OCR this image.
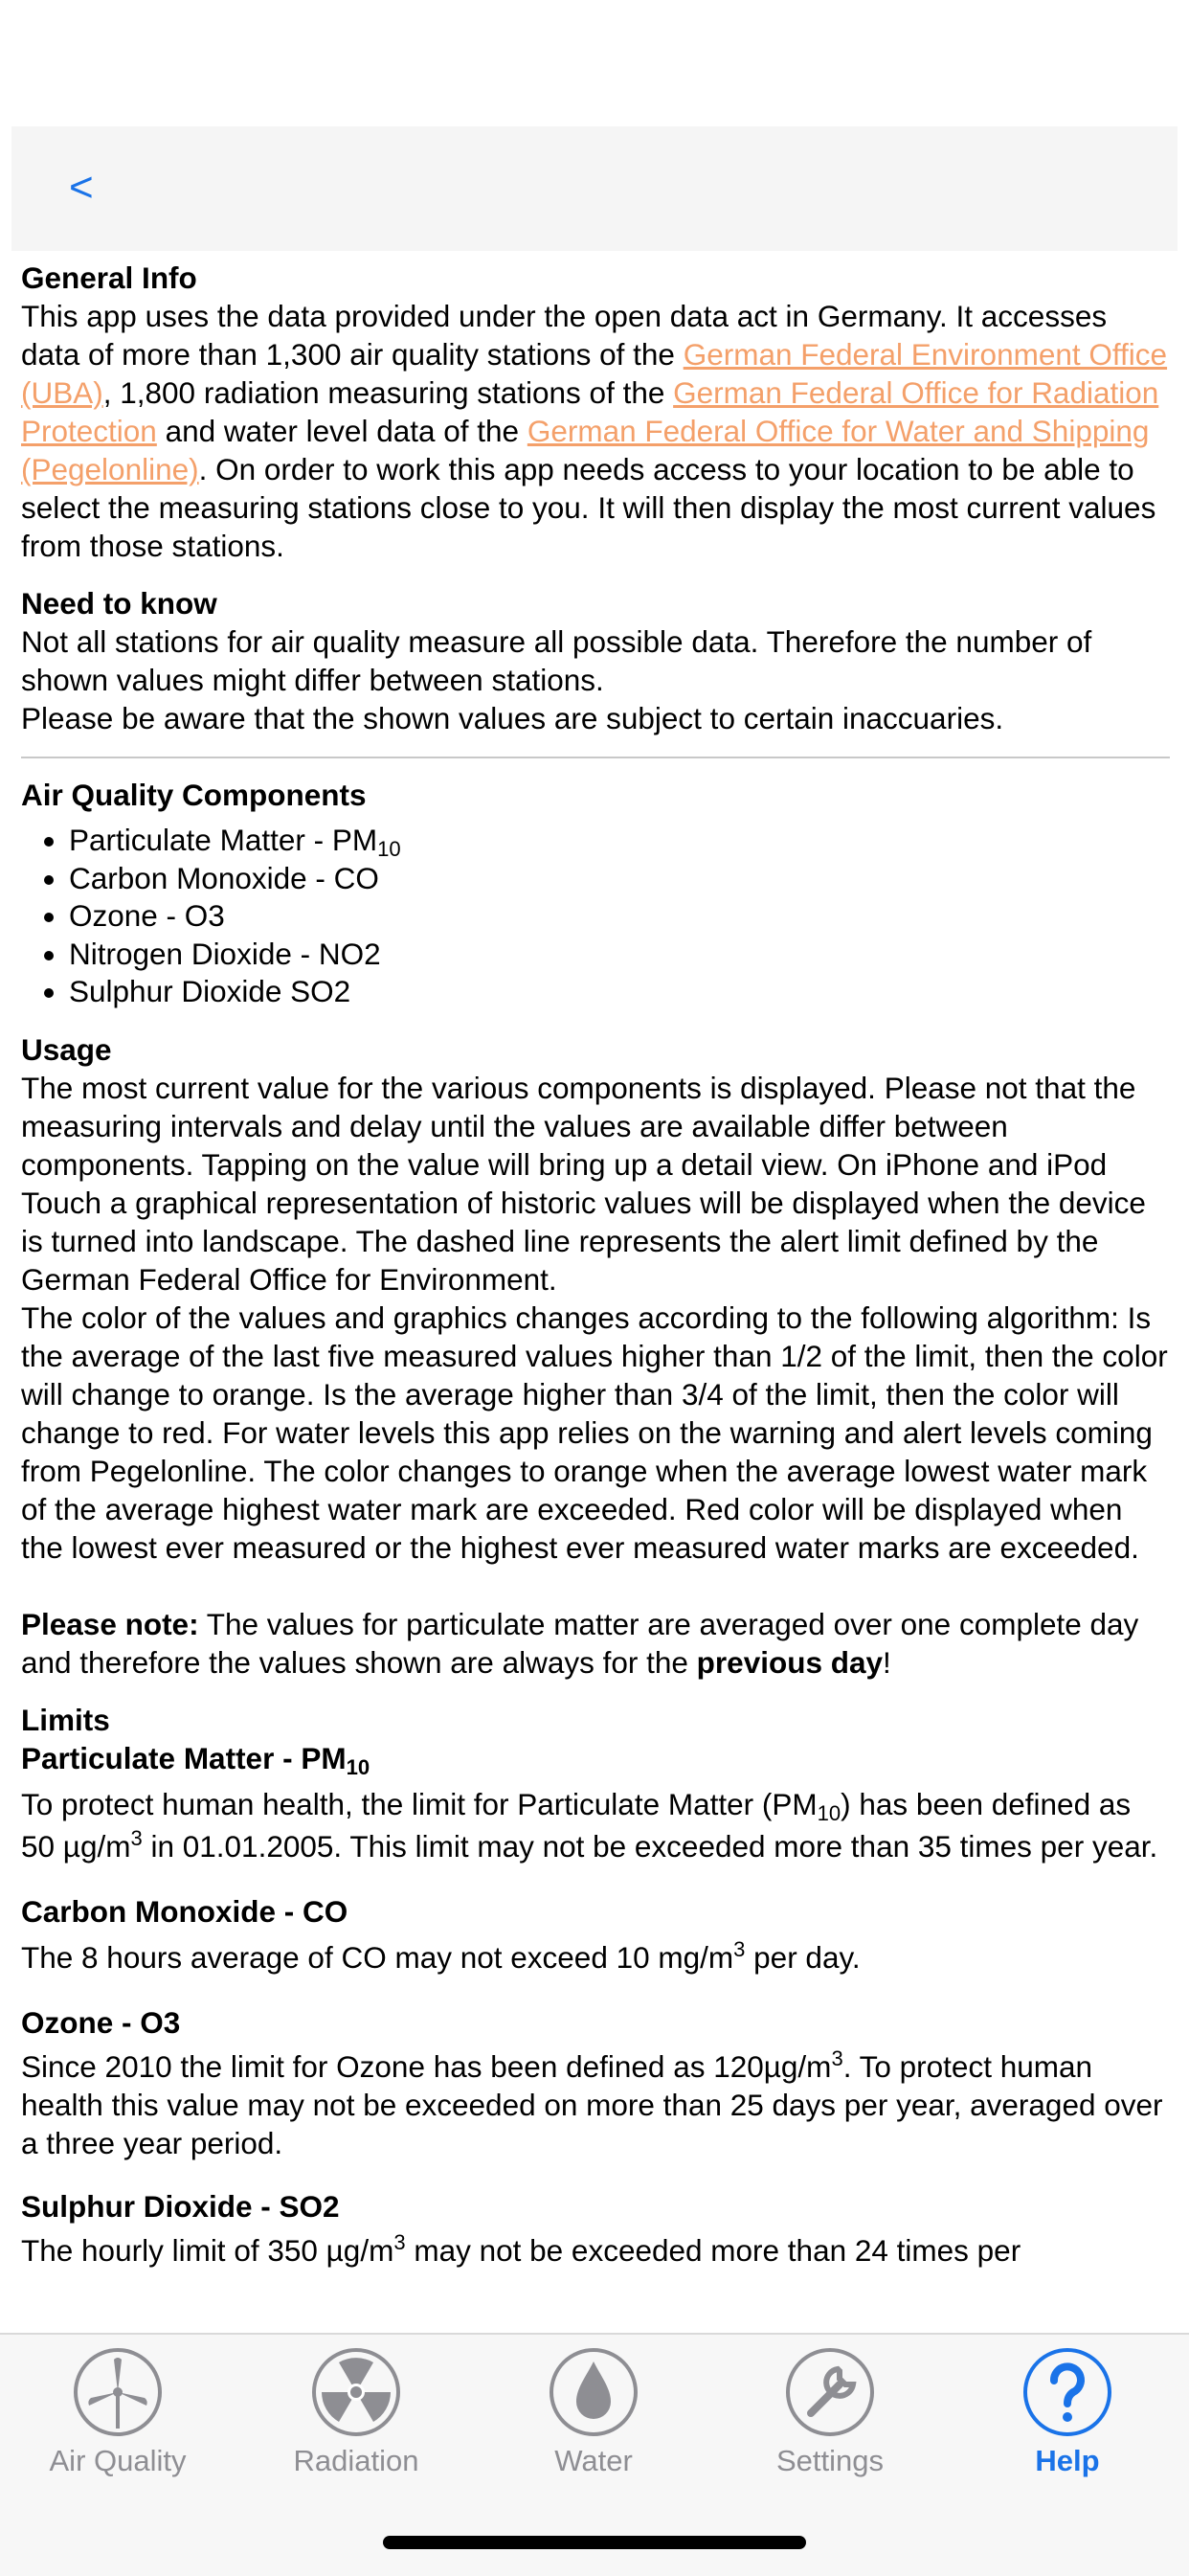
<

General Info

This app uses the data provided under the open data act in Germany. It accesses data of more than 1,300 air quality stations of the German Federal Environment Office (UBA), 1,800 radiation measuring stations of the German Federal Office for Radiation Protection and water level data of the German Federal Office for Water and Shipping (Pegelonline). On order to work this app needs access to your location to be able to select the measuring stations close to you. It will then display the most current values from those stations.

Need to know

Not all stations for air quality measure all possible data. Therefore the number of shown values might differ between stations.

Please be aware that the shown values are subject to certain inaccuaries.

Air Quality Components

• Particulate Matter - $PM_{10}$
• Carbon Monoxide - CO
• Ozone - O3
• Nitrogen Dioxide - NO2
• Sulphur Dioxide SO2

Usage

The most current value for the various components is displayed. Please not that the measuring intervals and delay until the values are available differ between components. Tapping on the value will bring up a detail view. On iPhone and iPod Touch a graphical representation of historic values will be displayed when the device is turned into landscape. The dashed line represents the alert limit defined by the German Federal Office for Environment.

The color of the values and graphics changes according to the following algorithm: Is the average of the last five measured values higher than 1/2 of the limit, then the color will change to orange. Is the average higher than 3/4 of the limit, then the color will change to red. For water levels this app relies on the warning and alert levels coming from Pegelonline. The color changes to orange when the average lowest water mark of the average highest water mark are exceeded. Red color will be displayed when the lowest ever measured or the highest ever measured water marks are exceeded.

Please note: The values for particulate matter are averaged over one complete day and therefore the values shown are always for the previous day!

Limits

Particulate Matter - $PM_{10}$

To protect human health, the limit for Particulate Matter $(PM_{10})$ has been defined as 50 $\mu g/m^3$ in 01.01.2005. This limit may not be exceeded more than 35 times per year.

Carbon Monoxide - CO

The 8 hours average of CO may not exceed 10 $mg/m^3$ per day.

Ozone - O3

Since 2010 the limit for Ozone has been defined as $120\mu g/m^3$. To protect human health this value may not be exceeded on more than 25 days per year, averaged over a three year period.

Sulphur Dioxide - SO2

The hourly limit of 350 $\mu g/m^3$ may not be exceeded more than 24 times per

Air Quality	Radiation	Water	Settings	Help
